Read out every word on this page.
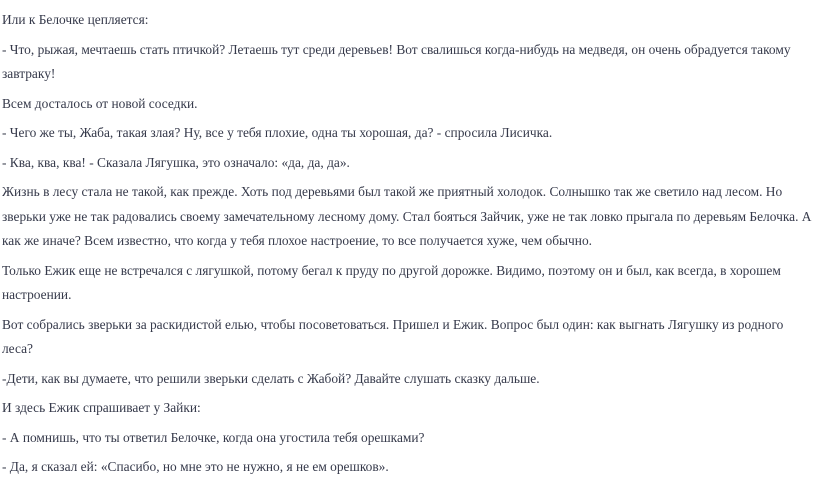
Или к Белочке цепляется:

- Что, рыжая, мечтаешь стать птичкой? Летаешь тут среди деревьев! Вот свалишься когда-нибудь на медведя, он очень обрадуется такому завтраку!

Всем досталось от новой соседки.

- Чего же ты, Жаба, такая злая? Ну, все у тебя плохие, одна ты хорошая, да? - спросила Лисичка.

- Ква, ква, ква! - Сказала Лягушка, это означало: «да, да, да».

Жизнь в лесу стала не такой, как прежде. Хоть под деревьями был такой же приятный холодок. Солнышко так же светило над лесом. Но зверьки уже не так радовались своему замечательному лесному дому. Стал бояться Зайчик, уже не так ловко прыгала по деревьям Белочка. А как же иначе? Всем известно, что когда у тебя плохое настроение, то все получается хуже, чем обычно.

Только Ежик еще не встречался с лягушкой, потому бегал к пруду по другой дорожке. Видимо, поэтому он и был, как всегда, в хорошем настроении.

Вот собрались зверьки за раскидистой елью, чтобы посоветоваться. Пришел и Ежик. Вопрос был один: как выгнать Лягушку из родного леса?

-Дети, как вы думаете, что решили зверьки сделать с Жабой? Давайте слушать сказку дальше.

И здесь Ежик спрашивает у Зайки:

- А помнишь, что ты ответил Белочке, когда она угостила тебя орешками?

- Да, я сказал ей: «Спасибо, но мне это не нужно, я не ем орешков».
